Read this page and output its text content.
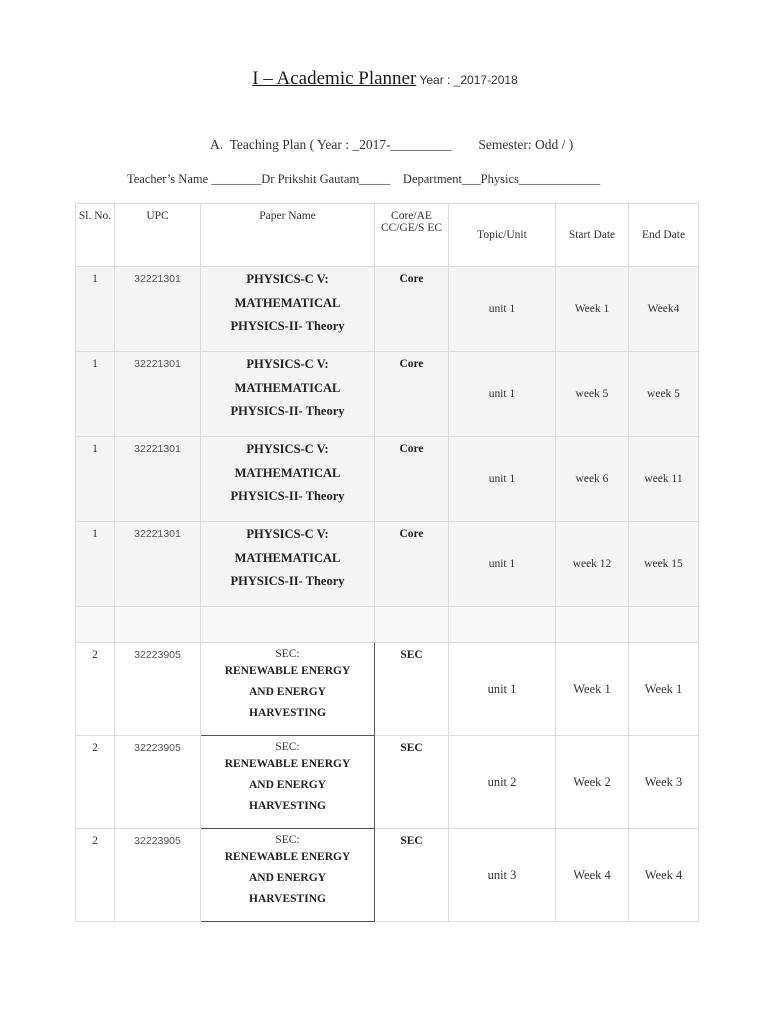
I – Academic Planner Year : _2017-2018
A.  Teaching Plan ( Year : _2017-_________        Semester: Odd / )
Teacher’s Name ________Dr Prikshit Gautam_____    Department___Physics_____________
Sl. No.	UPC	Paper Name	Core/AE CC/GE/S EC	Topic/Unit	Start Date	End Date
1	32221301	PHYSICS-C V:
MATHEMATICAL
PHYSICS-II- Theory	Core	unit 1	Week 1	Week4
1	32221301	PHYSICS-C V:
MATHEMATICAL
PHYSICS-II- Theory	Core	unit 1	week 5	week 5
1	32221301	PHYSICS-C V:
MATHEMATICAL
PHYSICS-II- Theory	Core	unit 1	week 6	week 11
1	32221301	PHYSICS-C V:
MATHEMATICAL
PHYSICS-II- Theory	Core	unit 1	week 12	week 15

2	32223905	SEC:
RENEWABLE ENERGY
AND ENERGY
HARVESTING	SEC	unit 1	Week 1	Week 1
2	32223905	SEC:
RENEWABLE ENERGY
AND ENERGY
HARVESTING	SEC	unit 2	Week 2	Week 3
2	32223905	SEC:
RENEWABLE ENERGY
AND ENERGY
HARVESTING	SEC	unit 3	Week 4	Week 4
